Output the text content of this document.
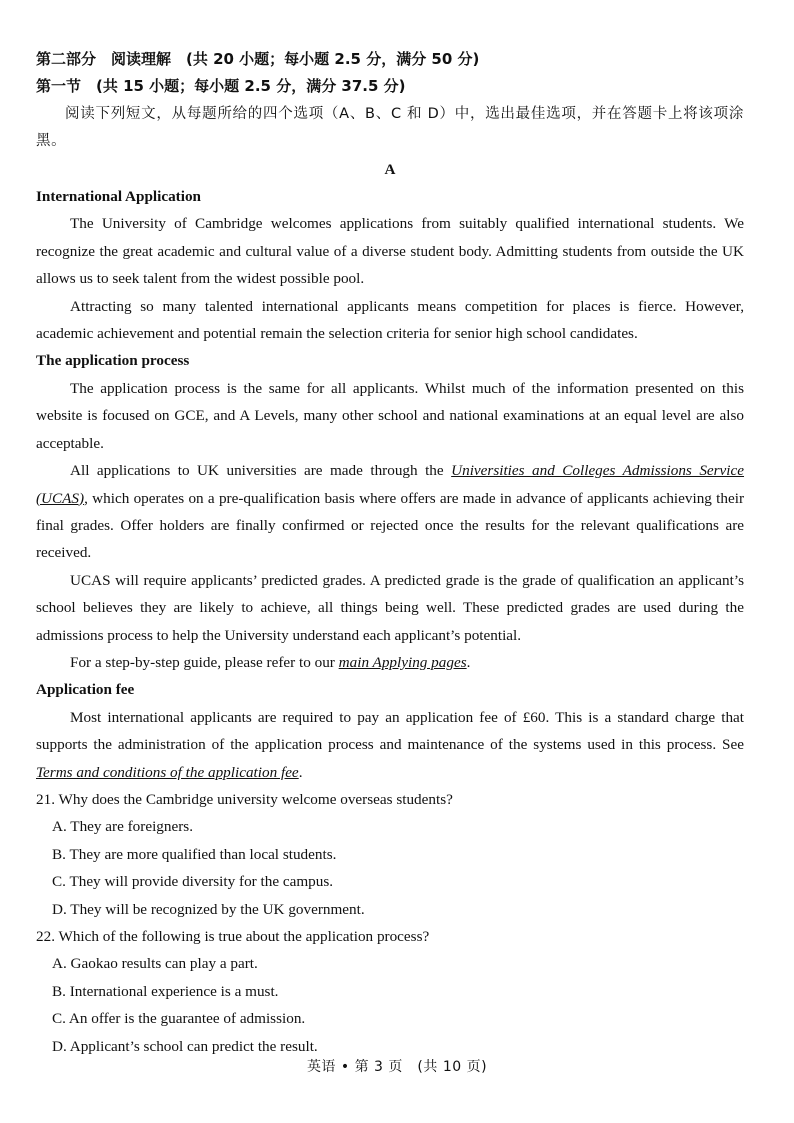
第二部分　阅读理解　(共 20 小题；每小题 2.5 分，满分 50 分)
第一节　(共 15 小题；每小题 2.5 分，满分 37.5 分)
阅读下列短文，从每题所给的四个选项（A、B、C 和 D）中，选出最佳选项，并在答题卡上将该项涂黑。
A
International Application

The University of Cambridge welcomes applications from suitably qualified international students. We recognize the great academic and cultural value of a diverse student body. Admitting students from outside the UK allows us to seek talent from the widest possible pool.

Attracting so many talented international applicants means competition for places is fierce. However, academic achievement and potential remain the selection criteria for senior high school candidates.

The application process

The application process is the same for all applicants. Whilst much of the information presented on this website is focused on GCE, and A Levels, many other school and national examinations at an equal level are also acceptable.

All applications to UK universities are made through the Universities and Colleges Admissions Service (UCAS), which operates on a pre-qualification basis where offers are made in advance of applicants achieving their final grades. Offer holders are finally confirmed or rejected once the results for the relevant qualifications are received.

UCAS will require applicants’ predicted grades. A predicted grade is the grade of qualification an applicant’s school believes they are likely to achieve, all things being well. These predicted grades are used during the admissions process to help the University understand each applicant’s potential.

For a step-by-step guide, please refer to our main Applying pages.

Application fee

Most international applicants are required to pay an application fee of £60. This is a standard charge that supports the administration of the application process and maintenance of the systems used in this process. See Terms and conditions of the application fee.

21. Why does the Cambridge university welcome overseas students?
A. They are foreigners.
B. They are more qualified than local students.
C. They will provide diversity for the campus.
D. They will be recognized by the UK government.
22. Which of the following is true about the application process?
A. Gaokao results can play a part.
B. International experience is a must.
C. An offer is the guarantee of admission.
D. Applicant’s school can predict the result.
英语 • 第 3 页　(共 10 页)
